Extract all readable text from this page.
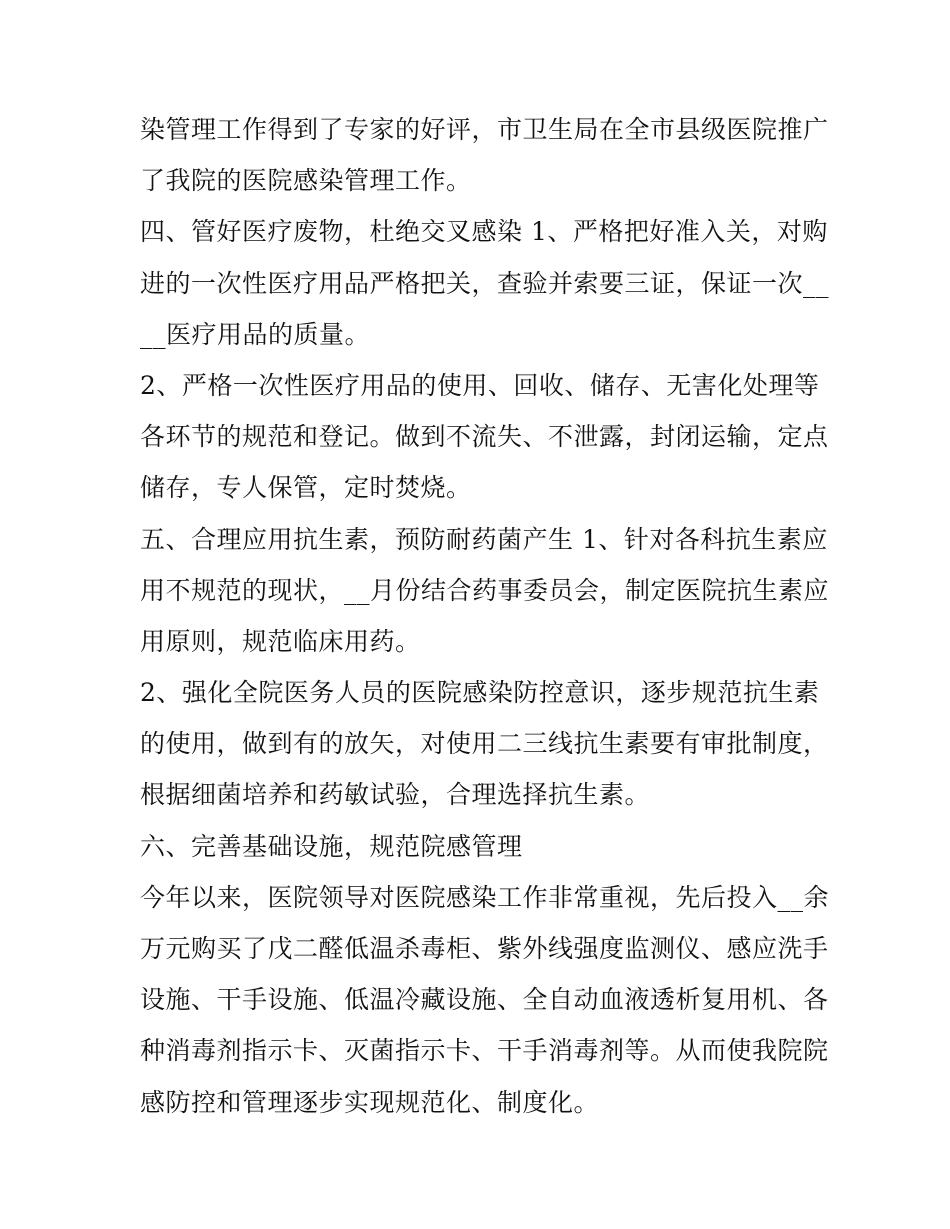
染管理工作得到了专家的好评，市卫生局在全市县级医院推广
了我院的医院感染管理工作。
四、管好医疗废物，杜绝交叉感染 1、严格把好准入关，对购
进的一次性医疗用品严格把关，查验并索要三证，保证一次__
__医疗用品的质量。
2、严格一次性医疗用品的使用、回收、储存、无害化处理等
各环节的规范和登记。做到不流失、不泄露，封闭运输，定点
储存，专人保管，定时焚烧。
五、合理应用抗生素，预防耐药菌产生 1、针对各科抗生素应
用不规范的现状，__月份结合药事委员会，制定医院抗生素应
用原则，规范临床用药。
2、强化全院医务人员的医院感染防控意识，逐步规范抗生素
的使用，做到有的放矢，对使用二三线抗生素要有审批制度，
根据细菌培养和药敏试验，合理选择抗生素。
六、完善基础设施，规范院感管理
今年以来，医院领导对医院感染工作非常重视，先后投入__余
万元购买了戊二醛低温杀毒柜、紫外线强度监测仪、感应洗手
设施、干手设施、低温冷藏设施、全自动血液透析复用机、各
种消毒剂指示卡、灭菌指示卡、干手消毒剂等。从而使我院院
感防控和管理逐步实现规范化、制度化。
